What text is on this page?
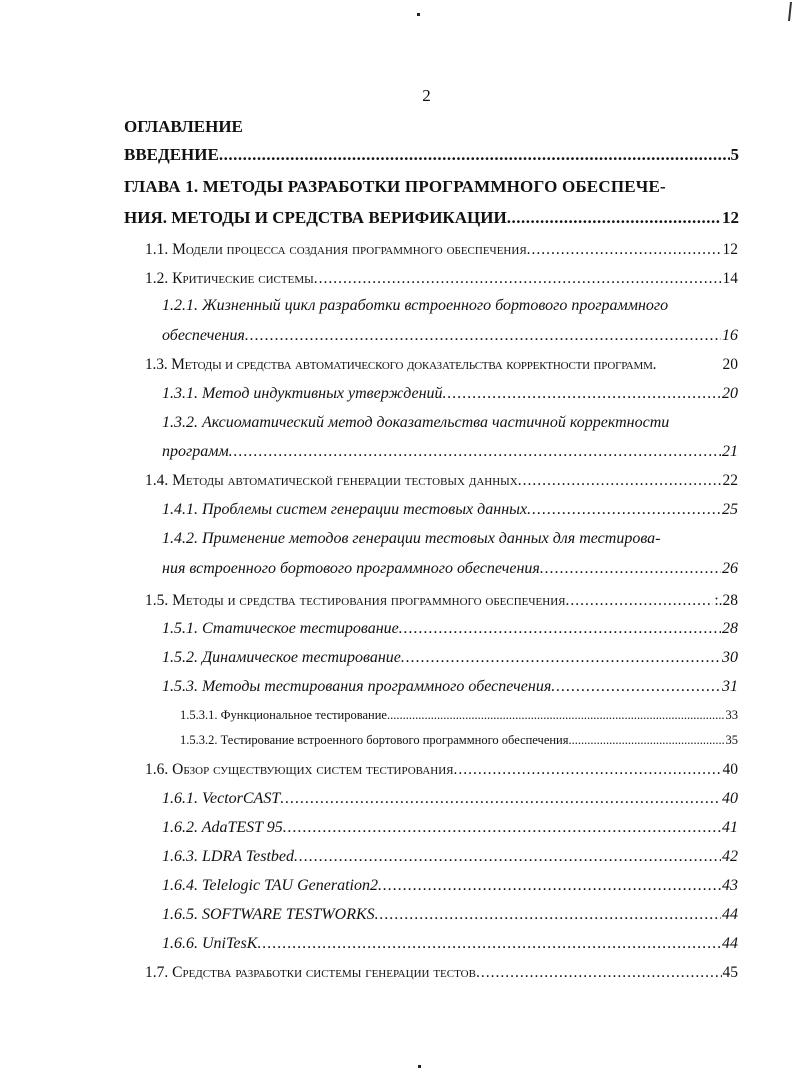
2
ОГЛАВЛЕНИЕ
ВВЕДЕНИЕ .....	5
ГЛАВА 1. МЕТОДЫ РАЗРАБОТКИ ПРОГРАММНОГО ОБЕСПЕЧЕ-
НИЯ. МЕТОДЫ И СРЕДСТВА ВЕРИФИКАЦИИ .....	12
1.1. Модели процесса создания программного обеспечения .....	12
1.2. Критические системы .....	14
1.2.1. Жизненный цикл разработки встроенного бортового программного
обеспечения .....	16
1.3. Методы и средства автоматического доказательства корректности программ.	20
1.3.1. Метод индуктивных утверждений .....	20
1.3.2. Аксиоматический метод доказательства частичной корректности
программ .....	21
1.4. Методы автоматической генерации тестовых данных .....	22
1.4.1. Проблемы систем генерации тестовых данных .....	25
1.4.2. Применение методов генерации тестовых данных для тестирова-
ния встроенного бортового программного обеспечения .....	26
1.5. Методы и средства тестирования программного обеспечения .....	:.28
1.5.1. Статическое тестирование .....	28
1.5.2. Динамическое тестирование .....	30
1.5.3. Методы тестирования программного обеспечения .....	31
1.5.3.1. Функциональное тестирование .....	33
1.5.3.2. Тестирование встроенного бортового программного обеспечения .....	35
1.6. Обзор существующих систем тестирования .....	40
1.6.1. VectorCAST .....	40
1.6.2. AdaTEST 95 .....	41
1.6.3. LDRA Testbed .....	42
1.6.4. Telelogic TAU Generation2 .....	43
1.6.5. SOFTWARE TESTWORKS .....	44
1.6.6. UniTesK .....	44
1.7. Средства разработки системы генерации тестов .....	45
